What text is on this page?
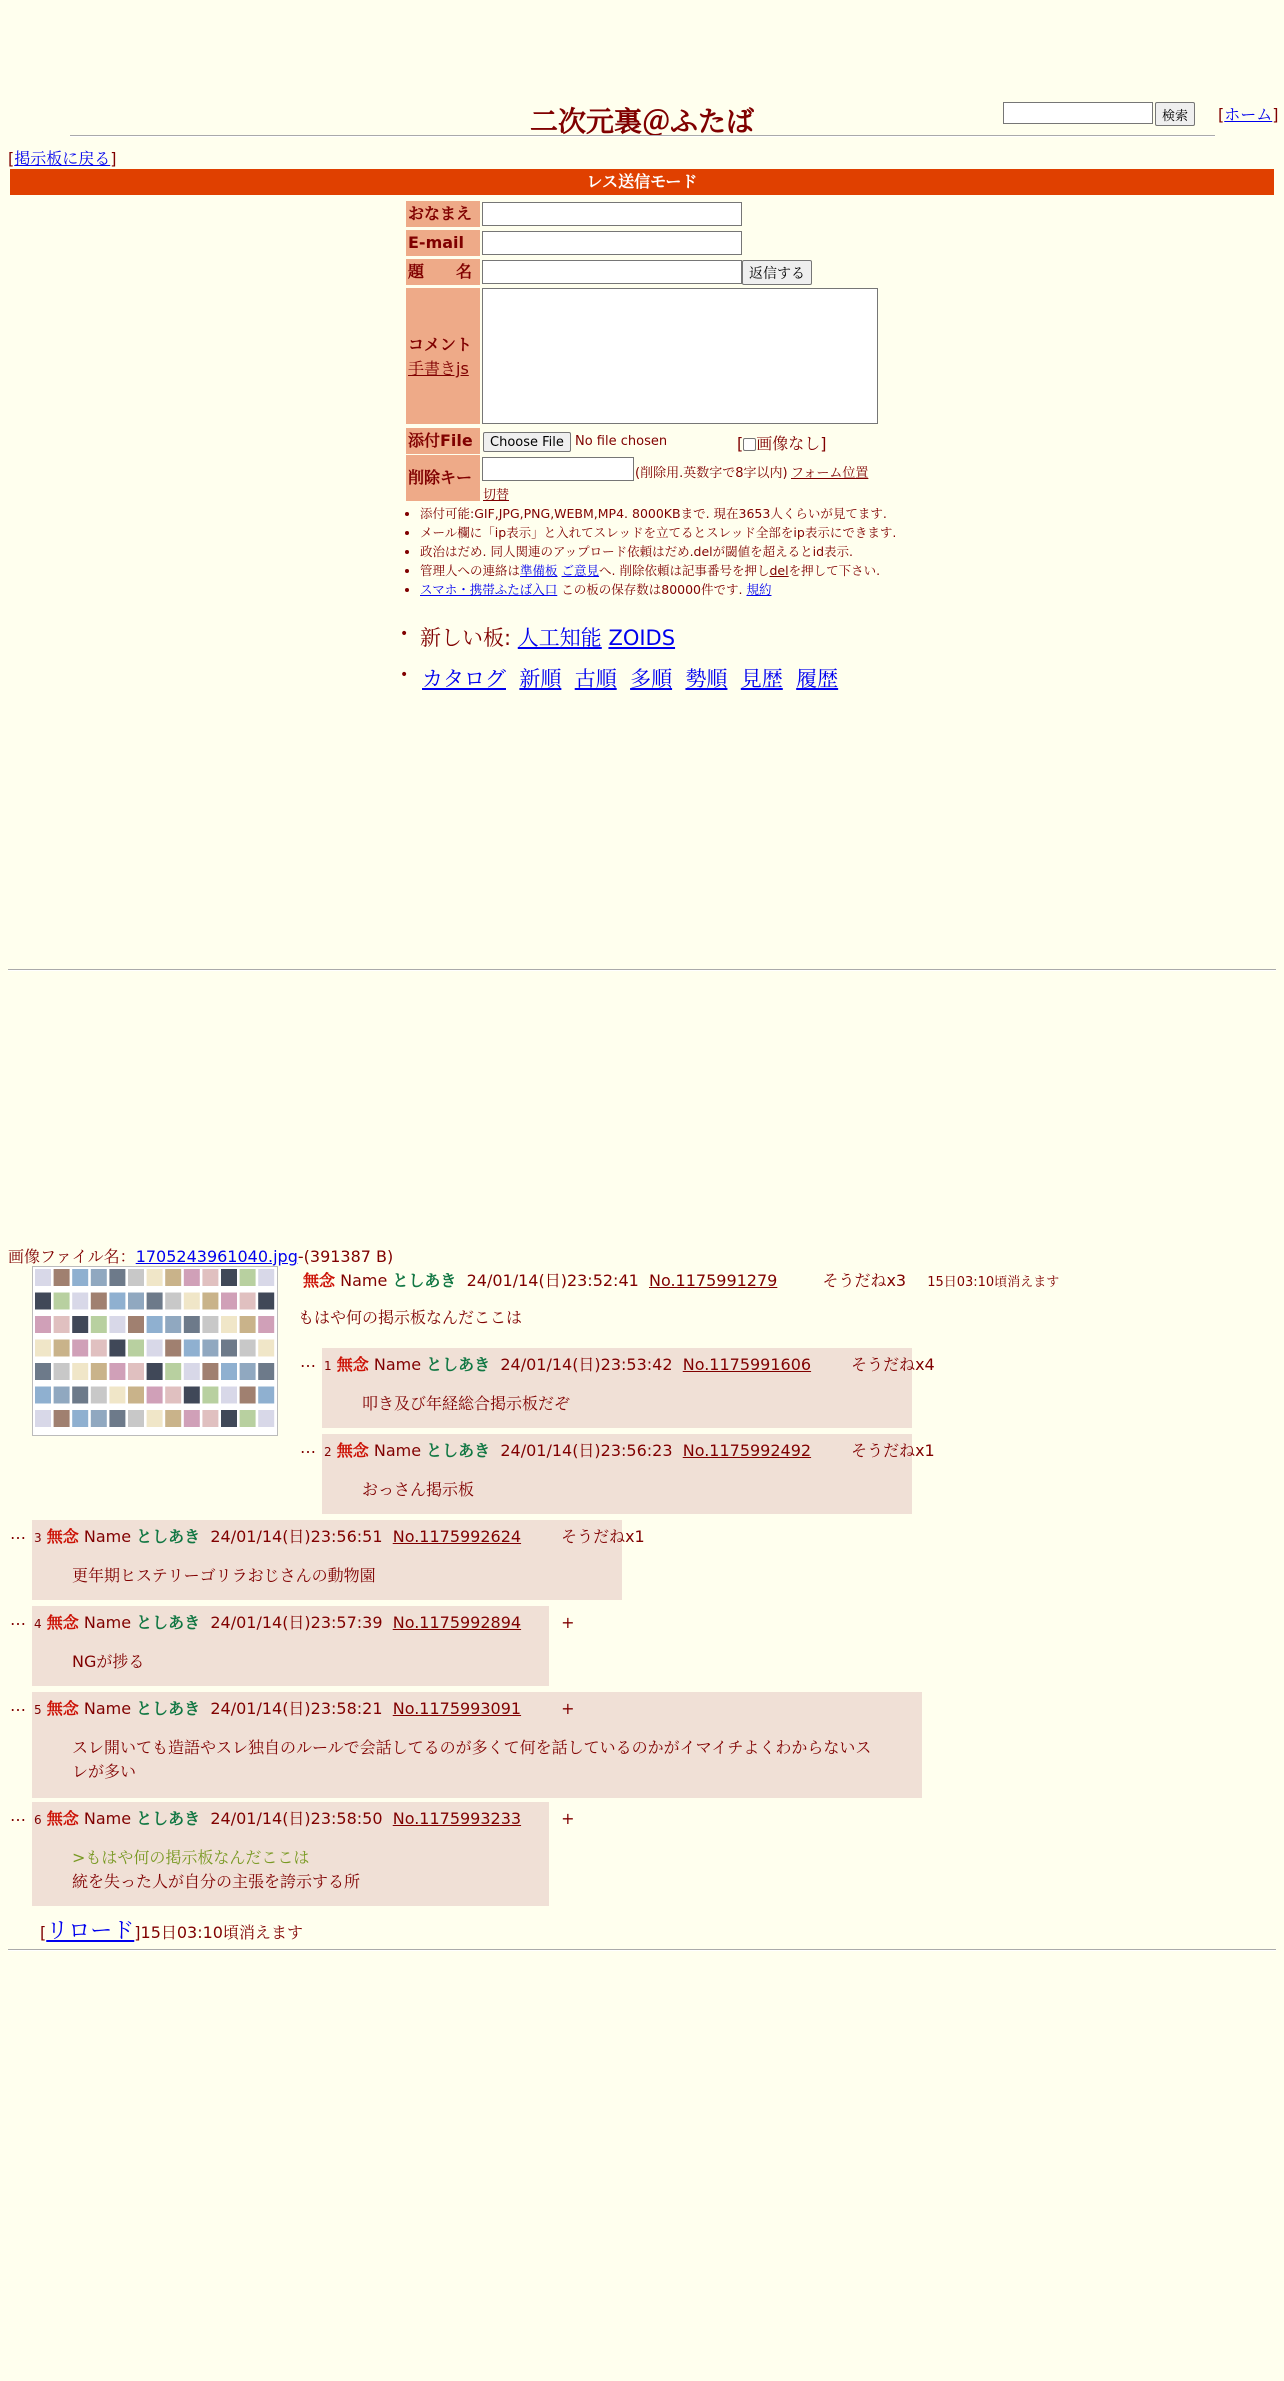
二次元裏＠ふたば	検索	[ホーム]
[掲示板に戻る]
レス送信モード
おなまえ
E-mail
題　　名	返信する
コメント
手書きjs
添付File	Choose File No file chosen	[ 画像なし]
削除キー	(削除用.英数字で8字以内) フォーム位置
切替
• 添付可能:GIF,JPG,PNG,WEBM,MP4. 8000KBまで. 現在3653人くらいが見てます.
• メール欄に「ip表示」と入れてスレッドを立てるとスレッド全部をip表示にできます.
• 政治はだめ. 同人関連のアップロード依頼はだめ.delが閾値を超えるとid表示.
• 管理人への連絡は準備板 ご意見へ. 削除依頼は記事番号を押しdelを押して下さい.
• スマホ・携帯ふたば入口 この板の保存数は80000件です. 規約
• 新しい板: 人工知能 ZOIDS
• カタログ 新順 古順 多順 勢順 見歴 履歴
画像ファイル名：1705243961040.jpg-(391387 B)
無念 Name としあき 24/01/14(日)23:52:41 No.1175991279	そうだねx3 15日03:10頃消えます
もはや何の掲示板なんだここは
… 1 無念 Name としあき 24/01/14(日)23:53:42 No.1175991606	そうだねx4
叩き及び年経総合掲示板だぞ
… 2 無念 Name としあき 24/01/14(日)23:56:23 No.1175992492	そうだねx1
おっさん掲示板
… 3 無念 Name としあき 24/01/14(日)23:56:51 No.1175992624	そうだねx1
更年期ヒステリーゴリラおじさんの動物園
… 4 無念 Name としあき 24/01/14(日)23:57:39 No.1175992894	+
NGが捗る
… 5 無念 Name としあき 24/01/14(日)23:58:21 No.1175993091	+
スレ開いても造語やスレ独自のルールで会話してるのが多くて何を話しているのかがイマイチよくわからないス
レが多い
… 6 無念 Name としあき 24/01/14(日)23:58:50 No.1175993233	+
>もはや何の掲示板なんだここは
統を失った人が自分の主張を誇示する所
[リロード]15日03:10頃消えます
